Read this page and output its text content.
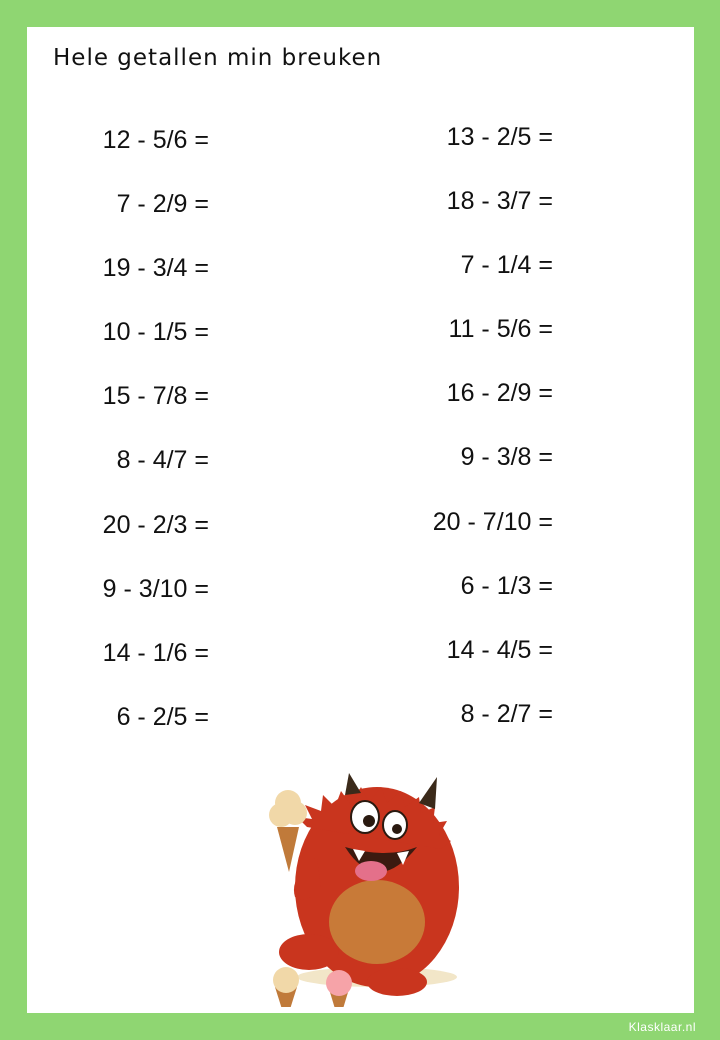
Hele getallen min breuken
12 - 5/6 =
7 - 2/9 =
19 - 3/4 =
10 - 1/5 =
15 - 7/8 =
8 - 4/7 =
20 - 2/3 =
9 - 3/10 =
14 - 1/6 =
6 - 2/5 =
13 - 2/5 =
18 - 3/7 =
7 - 1/4 =
11 - 5/6 =
16 - 2/9 =
9 - 3/8 =
20 - 7/10 =
6 - 1/3 =
14 - 4/5 =
8 - 2/7 =
Klasklaar.nl
